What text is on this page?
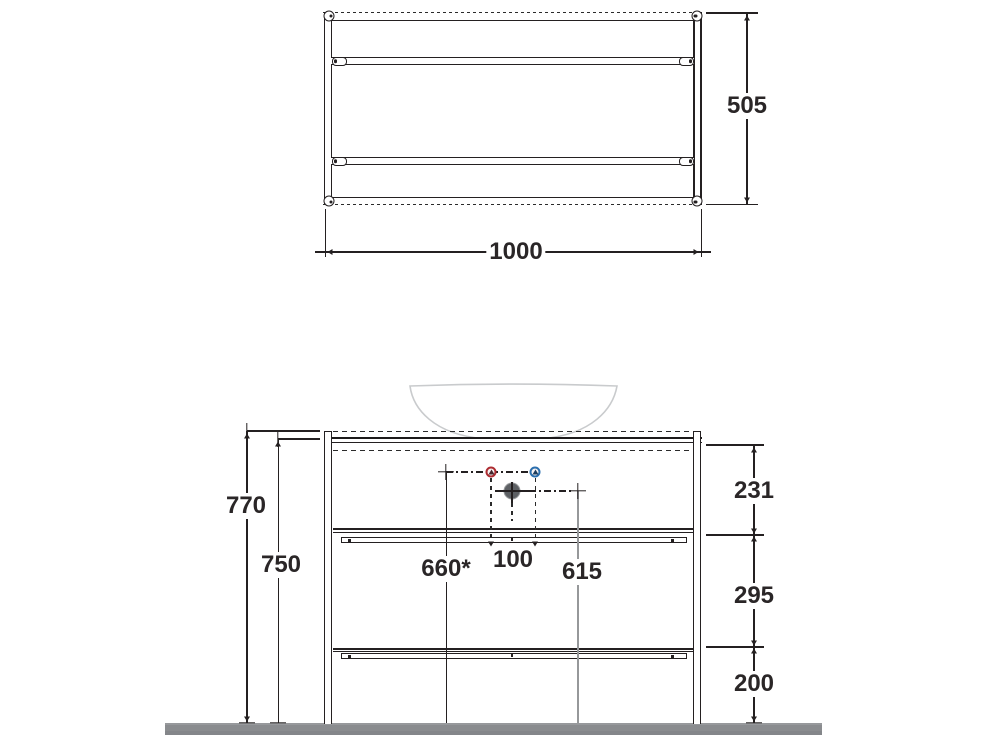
505
1000
100
660*	615
770
750
231
295
200
